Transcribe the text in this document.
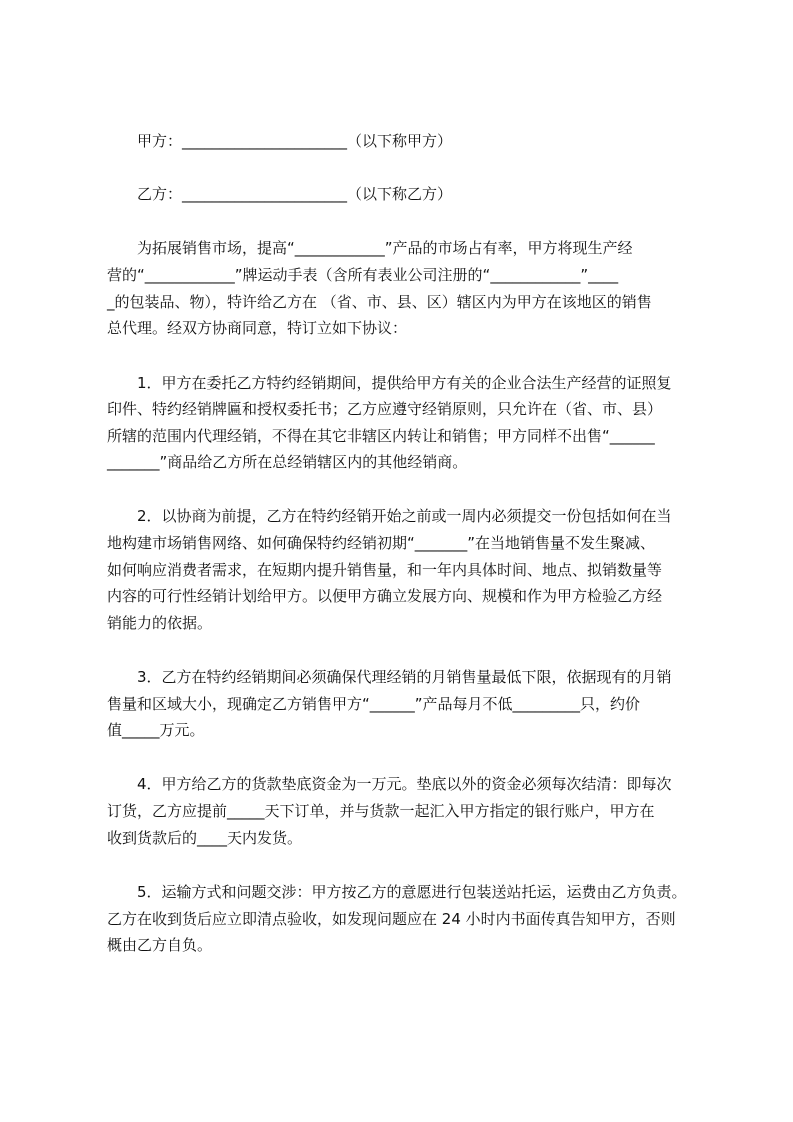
甲方：______________________（以下称甲方）
乙方：______________________（以下称乙方）
为拓展销售市场，提高“____________”产品的市场占有率，甲方将现生产经
营的“____________”牌运动手表（含所有表业公司注册的“____________”____
_的包装品、物），特许给乙方在 （省、市、县、区）辖区内为甲方在该地区的销售
总代理。经双方协商同意，特订立如下协议：
1．甲方在委托乙方特约经销期间，提供给甲方有关的企业合法生产经营的证照复
印件、特约经销牌匾和授权委托书；乙方应遵守经销原则，只允许在（省、市、县）
所辖的范围内代理经销，不得在其它非辖区内转让和销售；甲方同样不出售“______
_______”商品给乙方所在总经销辖区内的其他经销商。
2．以协商为前提，乙方在特约经销开始之前或一周内必须提交一份包括如何在当
地构建市场销售网络、如何确保特约经销初期“_______”在当地销售量不发生聚减、
如何响应消费者需求，在短期内提升销售量，和一年内具体时间、地点、拟销数量等
内容的可行性经销计划给甲方。以便甲方确立发展方向、规模和作为甲方检验乙方经
销能力的依据。
3．乙方在特约经销期间必须确保代理经销的月销售量最低下限，依据现有的月销
售量和区域大小，现确定乙方销售甲方“______”产品每月不低_________只，约价
值_____万元。
4．甲方给乙方的货款垫底资金为一万元。垫底以外的资金必须每次结清：即每次
订货，乙方应提前_____天下订单，并与货款一起汇入甲方指定的银行账户，甲方在
收到货款后的____天内发货。
5．运输方式和问题交涉：甲方按乙方的意愿进行包装送站托运，运费由乙方负责。
乙方在收到货后应立即清点验收，如发现问题应在 24 小时内书面传真告知甲方，否则
概由乙方自负。
